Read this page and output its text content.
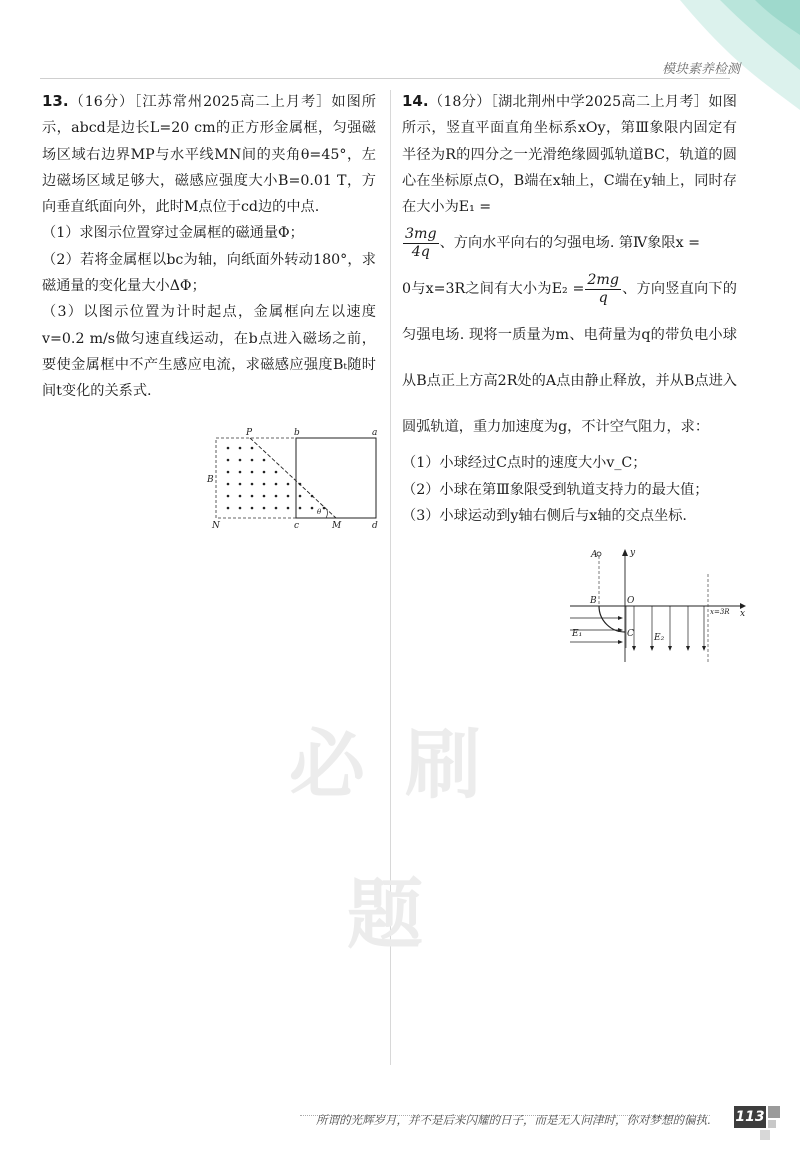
模块素养检测

13.（16分）［江苏常州2025高二上月考］如图所示，abcd是边长L=20 cm的正方形金属框，匀强磁场区域右边界MP与水平线MN间的夹角θ=45°，左边磁场区域足够大，磁感应强度大小B=0.01 T，方向垂直纸面向外，此时M点位于cd边的中点.

（1）求图示位置穿过金属框的磁通量Φ；

（2）若将金属框以bc为轴，向纸面外转动180°，求磁通量的变化量大小ΔΦ；

（3）以图示位置为计时起点，金属框向左以速度v=0.2 m/s做匀速直线运动，在b点进入磁场之前，要使金属框中不产生感应电流，求磁感应强度Bₜ随时间t变化的关系式.

P	b	a
B
N	c	M	d
θ

14.（18分）［湖北荆州中学2025高二上月考］如图所示，竖直平面直角坐标系xOy，第Ⅲ象限内固定有半径为R的四分之一光滑绝缘圆弧轨道BC，轨道的圆心在坐标原点O，B端在x轴上，C端在y轴上，同时存在大小为E₁ =

$\frac{3mg}{4q}$ 、方向水平向右的匀强电场. 第Ⅳ象限x =

0与x=3R之间有大小为$E_2 = \frac{2mg}{q}$ 、方向竖直向下的匀强电场. 现将一质量为m、电荷量为q的带负电小球从B点正上方高2R处的A点由静止释放，并从B点进入圆弧轨道，重力加速度为g，不计空气阻力，求：

（1）小球经过C点时的速度大小v_C；

（2）小球在第Ⅲ象限受到轨道支持力的最大值；

（3）小球运动到y轴右侧后与x轴的交点坐标.

A	y
B	O
x
x=3R
E₁	C E₂
必刷题
所谓的光辉岁月，并不是后来闪耀的日子，而是无人问津时，你对梦想的偏执. 113
